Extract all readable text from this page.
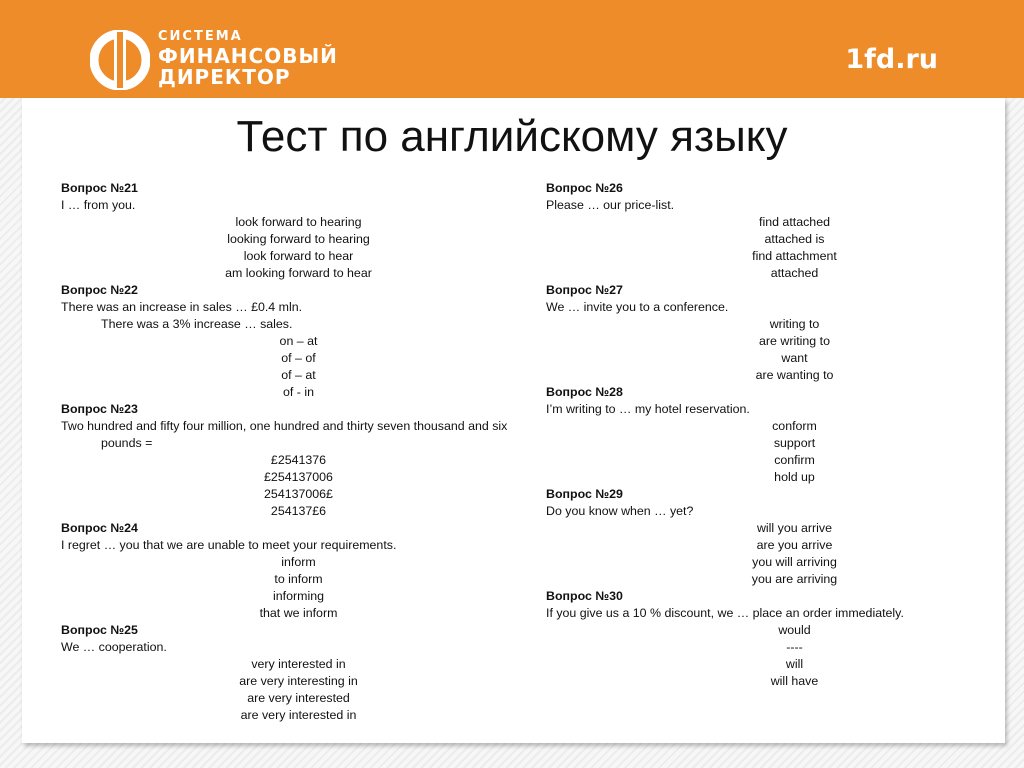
СИСТЕМА
ФИНАНСОВЫЙ
ДИРЕКТОР
1fd.ru
Тест по английскому языку
Вопрос №21
I … from you.
look forward to hearing
looking forward to hearing
look forward to hear
am looking forward to hear
Вопрос №22
There was an increase in sales … £0.4 mln.
There was a 3% increase … sales.
on – at
of – of
of – at
of - in
Вопрос №23
Two hundred and fifty four million, one hundred and thirty seven thousand and six pounds =
£2541376
£254137006
254137006£
254137£6
Вопрос №24
I regret … you that we are unable to meet your requirements.
inform
to inform
informing
that we inform
Вопрос №25
We … cooperation.
very interested in
are very interesting in
are very interested
are very interested in
Вопрос №26
Please … our price-list.
find attached
attached is
find attachment
attached
Вопрос №27
We … invite you to a conference.
writing to
are writing to
want
are wanting to
Вопрос №28
I’m writing to … my hotel reservation.
conform
support
confirm
hold up
Вопрос №29
Do you know when … yet?
will you arrive
are you arrive
you will arriving
you are arriving
Вопрос №30
If you give us a 10 % discount, we … place an order immediately.
would
----
will
will have
